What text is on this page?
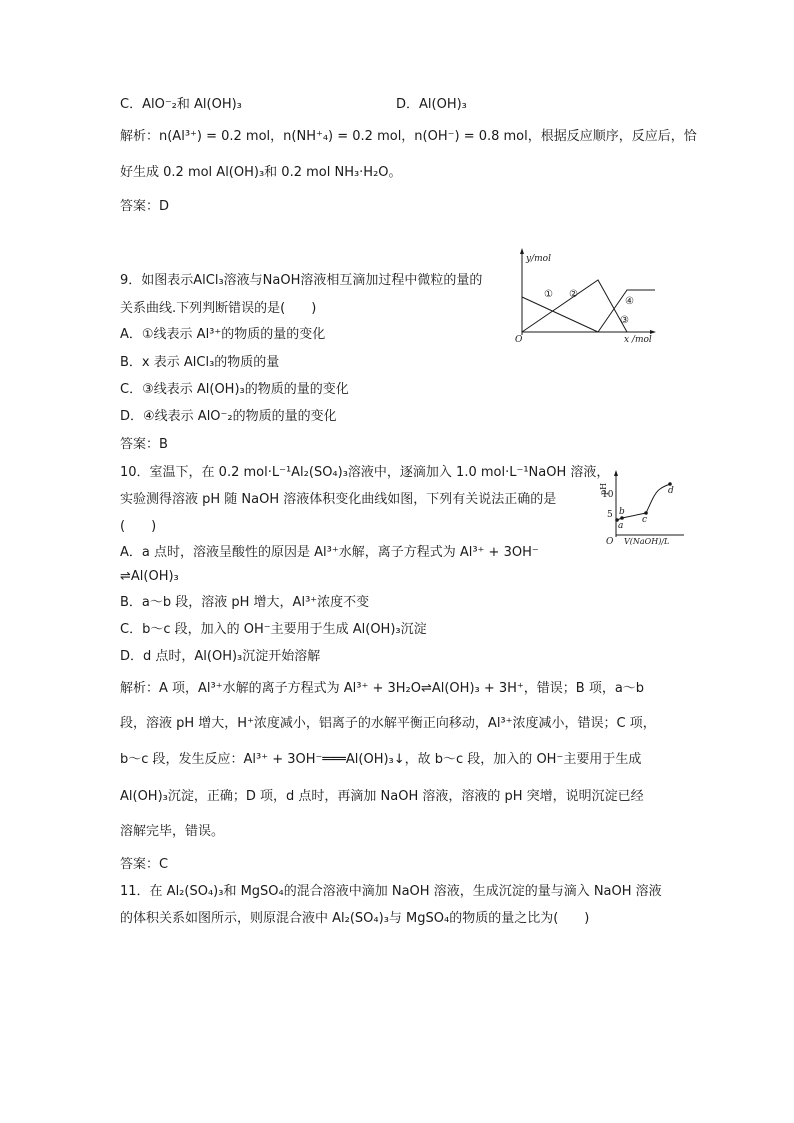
C．AlO⁻₂和 Al(OH)₃	D．Al(OH)₃
解析：n(Al³⁺) = 0.2 mol，n(NH⁺₄) = 0.2 mol，n(OH⁻) = 0.8 mol，根据反应顺序，反应后，恰
好生成 0.2 mol Al(OH)₃和 0.2 mol NH₃·H₂O。
答案：D
9．如图表示AlCl₃溶液与NaOH溶液相互滴加过程中微粒的量的
关系曲线.下列判断错误的是(　　)
A．①线表示 Al³⁺的物质的量的变化
B．x 表示 AlCl₃的物质的量
C．③线表示 Al(OH)₃的物质的量的变化
D．④线表示 AlO⁻₂的物质的量的变化
答案：B
y/mol
x /mol
O
① ②
③
④
10．室温下，在 0.2 mol·L⁻¹Al₂(SO₄)₃溶液中，逐滴加入 1.0 mol·L⁻¹NaOH 溶液，
实验测得溶液 pH 随 NaOH 溶液体积变化曲线如图，下列有关说法正确的是
(　　)
A．a 点时，溶液呈酸性的原因是 Al³⁺水解，离子方程式为 Al³⁺ + 3OH⁻
⇌Al(OH)₃
B．a～b 段，溶液 pH 增大，Al³⁺浓度不变
C．b～c 段，加入的 OH⁻主要用于生成 Al(OH)₃沉淀
D．d 点时，Al(OH)₃沉淀开始溶解
解析：A 项，Al³⁺水解的离子方程式为 Al³⁺ + 3H₂O⇌Al(OH)₃ + 3H⁺，错误；B 项，a～b
段，溶液 pH 增大，H⁺浓度减小，铝离子的水解平衡正向移动，Al³⁺浓度减小，错误；C 项，
b～c 段，发生反应：Al³⁺ + 3OH⁻═══Al(OH)₃↓，故 b～c 段，加入的 OH⁻主要用于生成
Al(OH)₃沉淀，正确；D 项，d 点时，再滴加 NaOH 溶液，溶液的 pH 突增，说明沉淀已经
溶解完毕，错误。
答案：C
pH
10
5
O V(NaOH)/L
a
b
c
d
11．在 Al₂(SO₄)₃和 MgSO₄的混合溶液中滴加 NaOH 溶液，生成沉淀的量与滴入 NaOH 溶液
的体积关系如图所示，则原混合液中 Al₂(SO₄)₃与 MgSO₄的物质的量之比为(　　)
